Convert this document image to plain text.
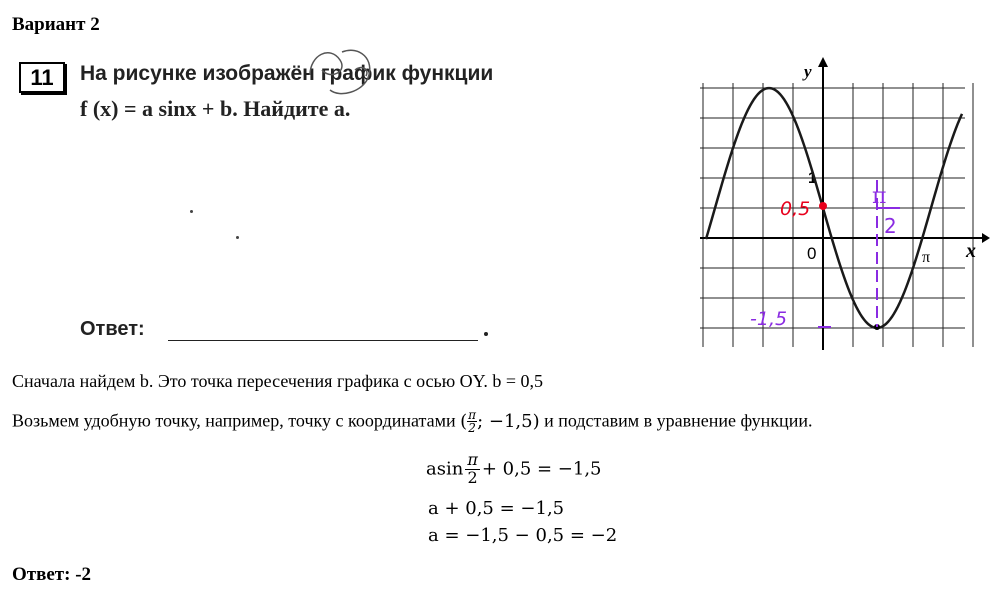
Вариант 2
11	На рисунке изображён график функции
f (x) = a sinx + b. Найдите a.
Ответ:
x
y
0
1
π
0,5	π
2
-1,5
Сначала найдем b. Это точка пересечения графика с осью OY. b = 0,5
Возьмем удобную точку, например, точку с координатами ( $\frac{\pi}{2}$ ; −1,5) и подставим в уравнение функции.
asin $\frac{\pi}{2} + 0,5 = -1,5$
a + 0,5 = −1,5
a = −1,5 − 0,5 = −2
Ответ: -2
